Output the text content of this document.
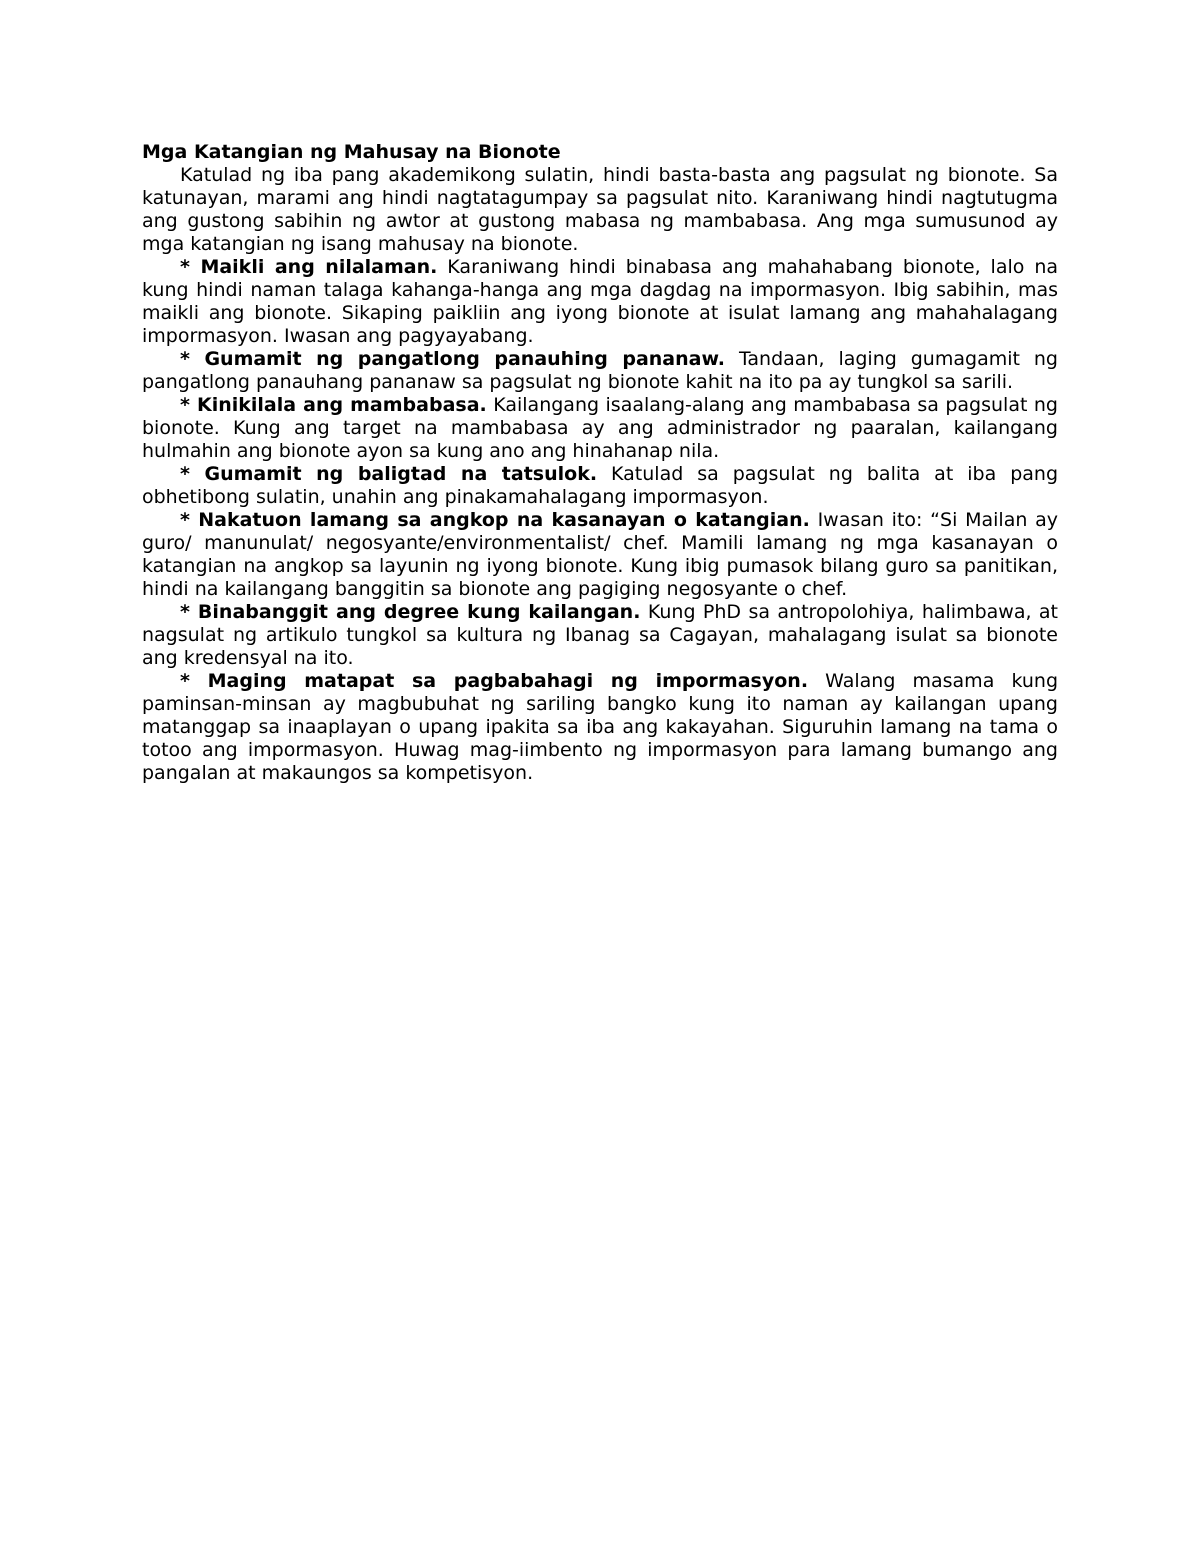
Mga Katangian ng Mahusay na Bionote

Katulad ng iba pang akademikong sulatin, hindi basta-basta ang pagsulat ng bionote. Sa katunayan, marami ang hindi nagtatagumpay sa pagsulat nito. Karaniwang hindi nagtutugma ang gustong sabihin ng awtor at gustong mabasa ng mambabasa. Ang mga sumusunod ay mga katangian ng isang mahusay na bionote.

* Maikli ang nilalaman. Karaniwang hindi binabasa ang mahahabang bionote, lalo na kung hindi naman talaga kahanga-hanga ang mga dagdag na impormasyon. Ibig sabihin, mas maikli ang bionote. Sikaping paikliin ang iyong bionote at isulat lamang ang mahahalagang impormasyon. Iwasan ang pagyayabang.

* Gumamit ng pangatlong panauhing pananaw. Tandaan, laging gumagamit ng pangatlong panauhang pananaw sa pagsulat ng bionote kahit na ito pa ay tungkol sa sarili.

* Kinikilala ang mambabasa. Kailangang isaalang-alang ang mambabasa sa pagsulat ng bionote. Kung ang target na mambabasa ay ang administrador ng paaralan, kailangang hulmahin ang bionote ayon sa kung ano ang hinahanap nila.

* Gumamit ng baligtad na tatsulok. Katulad sa pagsulat ng balita at iba pang obhetibong sulatin, unahin ang pinakamahalagang impormasyon.

* Nakatuon lamang sa angkop na kasanayan o katangian. Iwasan ito: “Si Mailan ay guro/ manunulat/ negosyante/environmentalist/ chef. Mamili lamang ng mga kasanayan o katangian na angkop sa layunin ng iyong bionote. Kung ibig pumasok bilang guro sa panitikan, hindi na kailangang banggitin sa bionote ang pagiging negosyante o chef.

* Binabanggit ang degree kung kailangan. Kung PhD sa antropolohiya, halimbawa, at nagsulat ng artikulo tungkol sa kultura ng Ibanag sa Cagayan, mahalagang isulat sa bionote ang kredensyal na ito.

* Maging matapat sa pagbabahagi ng impormasyon. Walang masama kung paminsan-minsan ay magbubuhat ng sariling bangko kung ito naman ay kailangan upang matanggap sa inaaplayan o upang ipakita sa iba ang kakayahan. Siguruhin lamang na tama o totoo ang impormasyon. Huwag mag-iimbento ng impormasyon para lamang bumango ang pangalan at makaungos sa kompetisyon.
